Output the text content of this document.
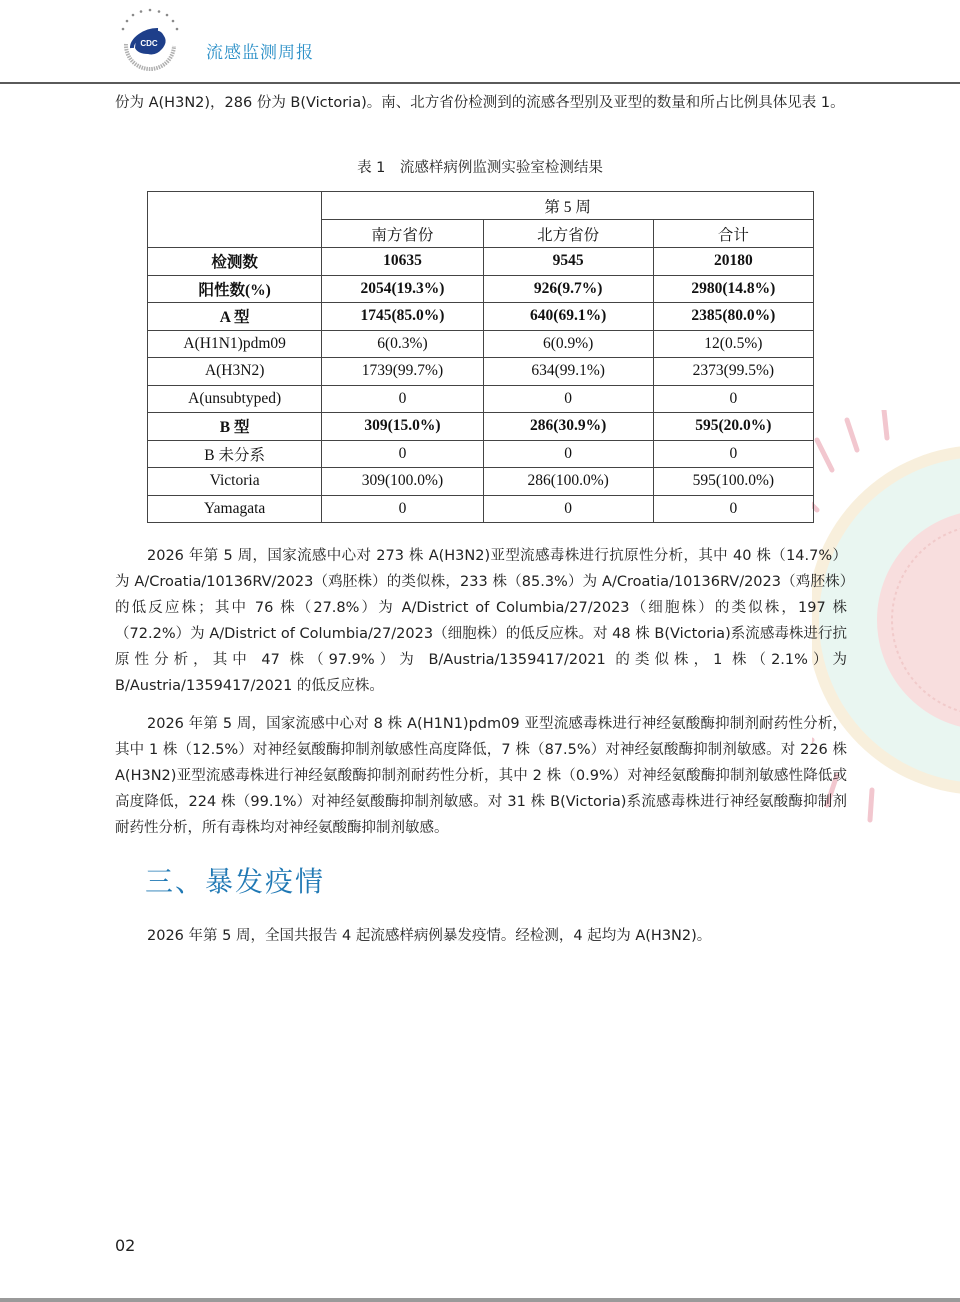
CDC	流感监测周报
份为 A(H3N2)，286 份为 B(Victoria)。南、北方省份检测到的流感各型别及亚型的数量和所占比例具体见表 1。
表 1　流感样病例监测实验室检测结果
	第 5 周		
	南方省份	北方省份	合计
检测数	10635	9545	20180
阳性数(%)	2054(19.3%)	926(9.7%)	2980(14.8%)
A 型	1745(85.0%)	640(69.1%)	2385(80.0%)
A(H1N1)pdm09	6(0.3%)	6(0.9%)	12(0.5%)
A(H3N2)	1739(99.7%)	634(99.1%)	2373(99.5%)
A(unsubtyped)	0	0	0
B 型	309(15.0%)	286(30.9%)	595(20.0%)
B 未分系	0	0	0
Victoria	309(100.0%)	286(100.0%)	595(100.0%)
Yamagata	0	0	0
2026 年第 5 周，国家流感中心对 273 株 A(H3N2)亚型流感毒株进行抗原性分析，其中 40 株（14.7%）为 A/Croatia/10136RV/2023（鸡胚株）的类似株，233 株（85.3%）为 A/Croatia/10136RV/2023（鸡胚株）的低反应株；其中 76 株（27.8%）为 A/District of Columbia/27/2023（细胞株）的类似株，197 株（72.2%）为 A/District of Columbia/27/2023（细胞株）的低反应株。对 48 株 B(Victoria)系流感毒株进行抗原性分析，其中 47 株（97.9%）为 B/Austria/1359417/2021 的类似株，1 株（2.1%）为 B/Austria/1359417/2021 的低反应株。
2026 年第 5 周，国家流感中心对 8 株 A(H1N1)pdm09 亚型流感毒株进行神经氨酸酶抑制剂耐药性分析，其中 1 株（12.5%）对神经氨酸酶抑制剂敏感性高度降低，7 株（87.5%）对神经氨酸酶抑制剂敏感。对 226 株 A(H3N2)亚型流感毒株进行神经氨酸酶抑制剂耐药性分析，其中 2 株（0.9%）对神经氨酸酶抑制剂敏感性降低或高度降低，224 株（99.1%）对神经氨酸酶抑制剂敏感。对 31 株 B(Victoria)系流感毒株进行神经氨酸酶抑制剂耐药性分析，所有毒株均对神经氨酸酶抑制剂敏感。
三、暴发疫情
2026 年第 5 周，全国共报告 4 起流感样病例暴发疫情。经检测，4 起均为 A(H3N2)。
02
